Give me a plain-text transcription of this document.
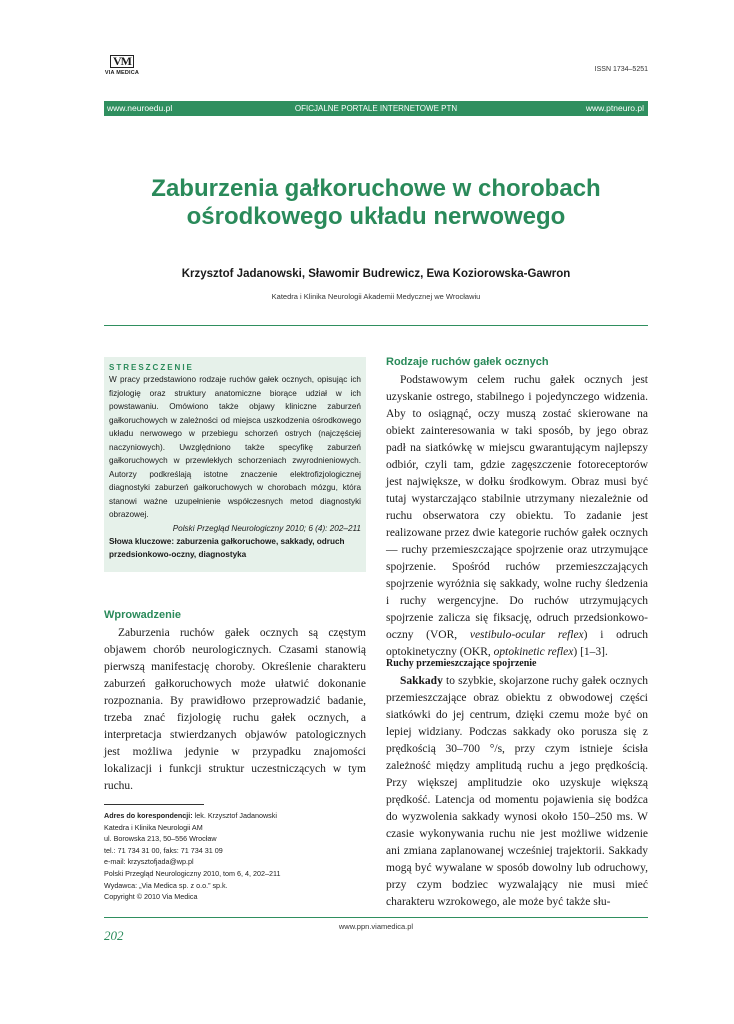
VM
VIA MEDICA	ISSN 1734–5251
www.neuroedu.pl	OFICJALNE PORTALE INTERNETOWE PTN	www.ptneuro.pl
Zaburzenia gałkoruchowe w chorobach
ośrodkowego układu nerwowego
Krzysztof Jadanowski, Sławomir Budrewicz, Ewa Koziorowska-Gawron
Katedra i Klinika Neurologii Akademii Medycznej we Wrocławiu
STRESZCZENIE
W pracy przedstawiono rodzaje ruchów gałek ocznych, opisując ich fizjologię oraz struktury anatomiczne biorące udział w ich powstawaniu. Omówiono także objawy kliniczne zaburzeń gałkoruchowych w zależności od miejsca uszkodzenia ośrodkowego układu nerwowego w przebiegu schorzeń ostrych (najczęściej naczyniowych). Uwzględniono także specyfikę zaburzeń gałkoruchowych w przewlekłych schorzeniach zwyrodnieniowych. Autorzy podkreślają istotne znaczenie elektrofizjologicznej diagnostyki zaburzeń gałkoruchowych w chorobach mózgu, która stanowi ważne uzupełnienie współczesnych metod diagnostyki obrazowej.
Polski Przegląd Neurologiczny 2010; 6 (4): 202–211
Słowa kluczowe: zaburzenia gałkoruchowe, sakkady, odruch przedsionkowo-oczny, diagnostyka
Wprowadzenie

Zaburzenia ruchów gałek ocznych są częstym objawem chorób neurologicznych. Czasami stanowią pierwszą manifestację choroby. Określenie charakteru zaburzeń gałkoruchowych może ułatwić dokonanie rozpoznania. By prawidłowo przeprowadzić badanie, trzeba znać fizjologię ruchu gałek ocznych, a interpretacja stwierdzanych objawów patologicznych jest możliwa jedynie w przypadku znajomości lokalizacji i funkcji struktur uczestniczących w tym ruchu.

Rodzaje ruchów gałek ocznych

Podstawowym celem ruchu gałek ocznych jest uzyskanie ostrego, stabilnego i pojedynczego widzenia. Aby to osiągnąć, oczy muszą zostać skierowane na obiekt zainteresowania w taki sposób, by jego obraz padł na siatkówkę w miejscu gwarantującym najlepszy odbiór, czyli tam, gdzie zagęszczenie fotoreceptorów jest największe, w dołku środkowym. Obraz musi być tutaj wystarczająco stabilnie utrzymany niezależnie od ruchu obserwatora czy obiektu. To zadanie jest realizowane przez dwie kategorie ruchów gałek ocznych — ruchy przemieszczające spojrzenie oraz utrzymujące spojrzenie. Spośród ruchów przemieszczających spojrzenie wyróżnia się sakkady, wolne ruchy śledzenia i ruchy wergencyjne. Do ruchów utrzymujących spojrzenie zalicza się fiksację, odruch przedsionkowo-oczny (VOR, vestibulo-ocular reflex) i odruch optokinetyczny (OKR, optokinetic reflex) [1–3].

Ruchy przemieszczające spojrzenie

Sakkady to szybkie, skojarzone ruchy gałek ocznych przemieszczające obraz obiektu z obwodowej części siatkówki do jej centrum, dzięki czemu może być on lepiej widziany. Podczas sakkady oko porusza się z prędkością 30–700 °/s, przy czym istnieje ścisła zależność między amplitudą ruchu a jego prędkością. Przy większej amplitudzie oko uzyskuje większą prędkość. Latencja od momentu pojawienia się bodźca do wyzwolenia sakkady wynosi około 150–250 ms. W czasie wykonywania ruchu nie jest możliwe widzenie ani zmiana zaplanowanej wcześniej trajektorii. Sakkady mogą być wywalane w sposób dowolny lub odruchowy, przy czym bodziec wyzwalający nie musi mieć charakteru wzrokowego, ale może być także słu-

Adres do korespondencji: lek. Krzysztof Jadanowski
Katedra i Klinika Neurologii AM
ul. Borowska 213, 50–556 Wrocław
tel.: 71 734 31 00, faks: 71 734 31 09
e-mail: krzysztofjada@wp.pl
Polski Przegląd Neurologiczny 2010, tom 6, 4, 202–211
Wydawca: „Via Medica sp. z o.o.” sp.k.
Copyright © 2010 Via Medica
www.ppn.viamedica.pl
202
